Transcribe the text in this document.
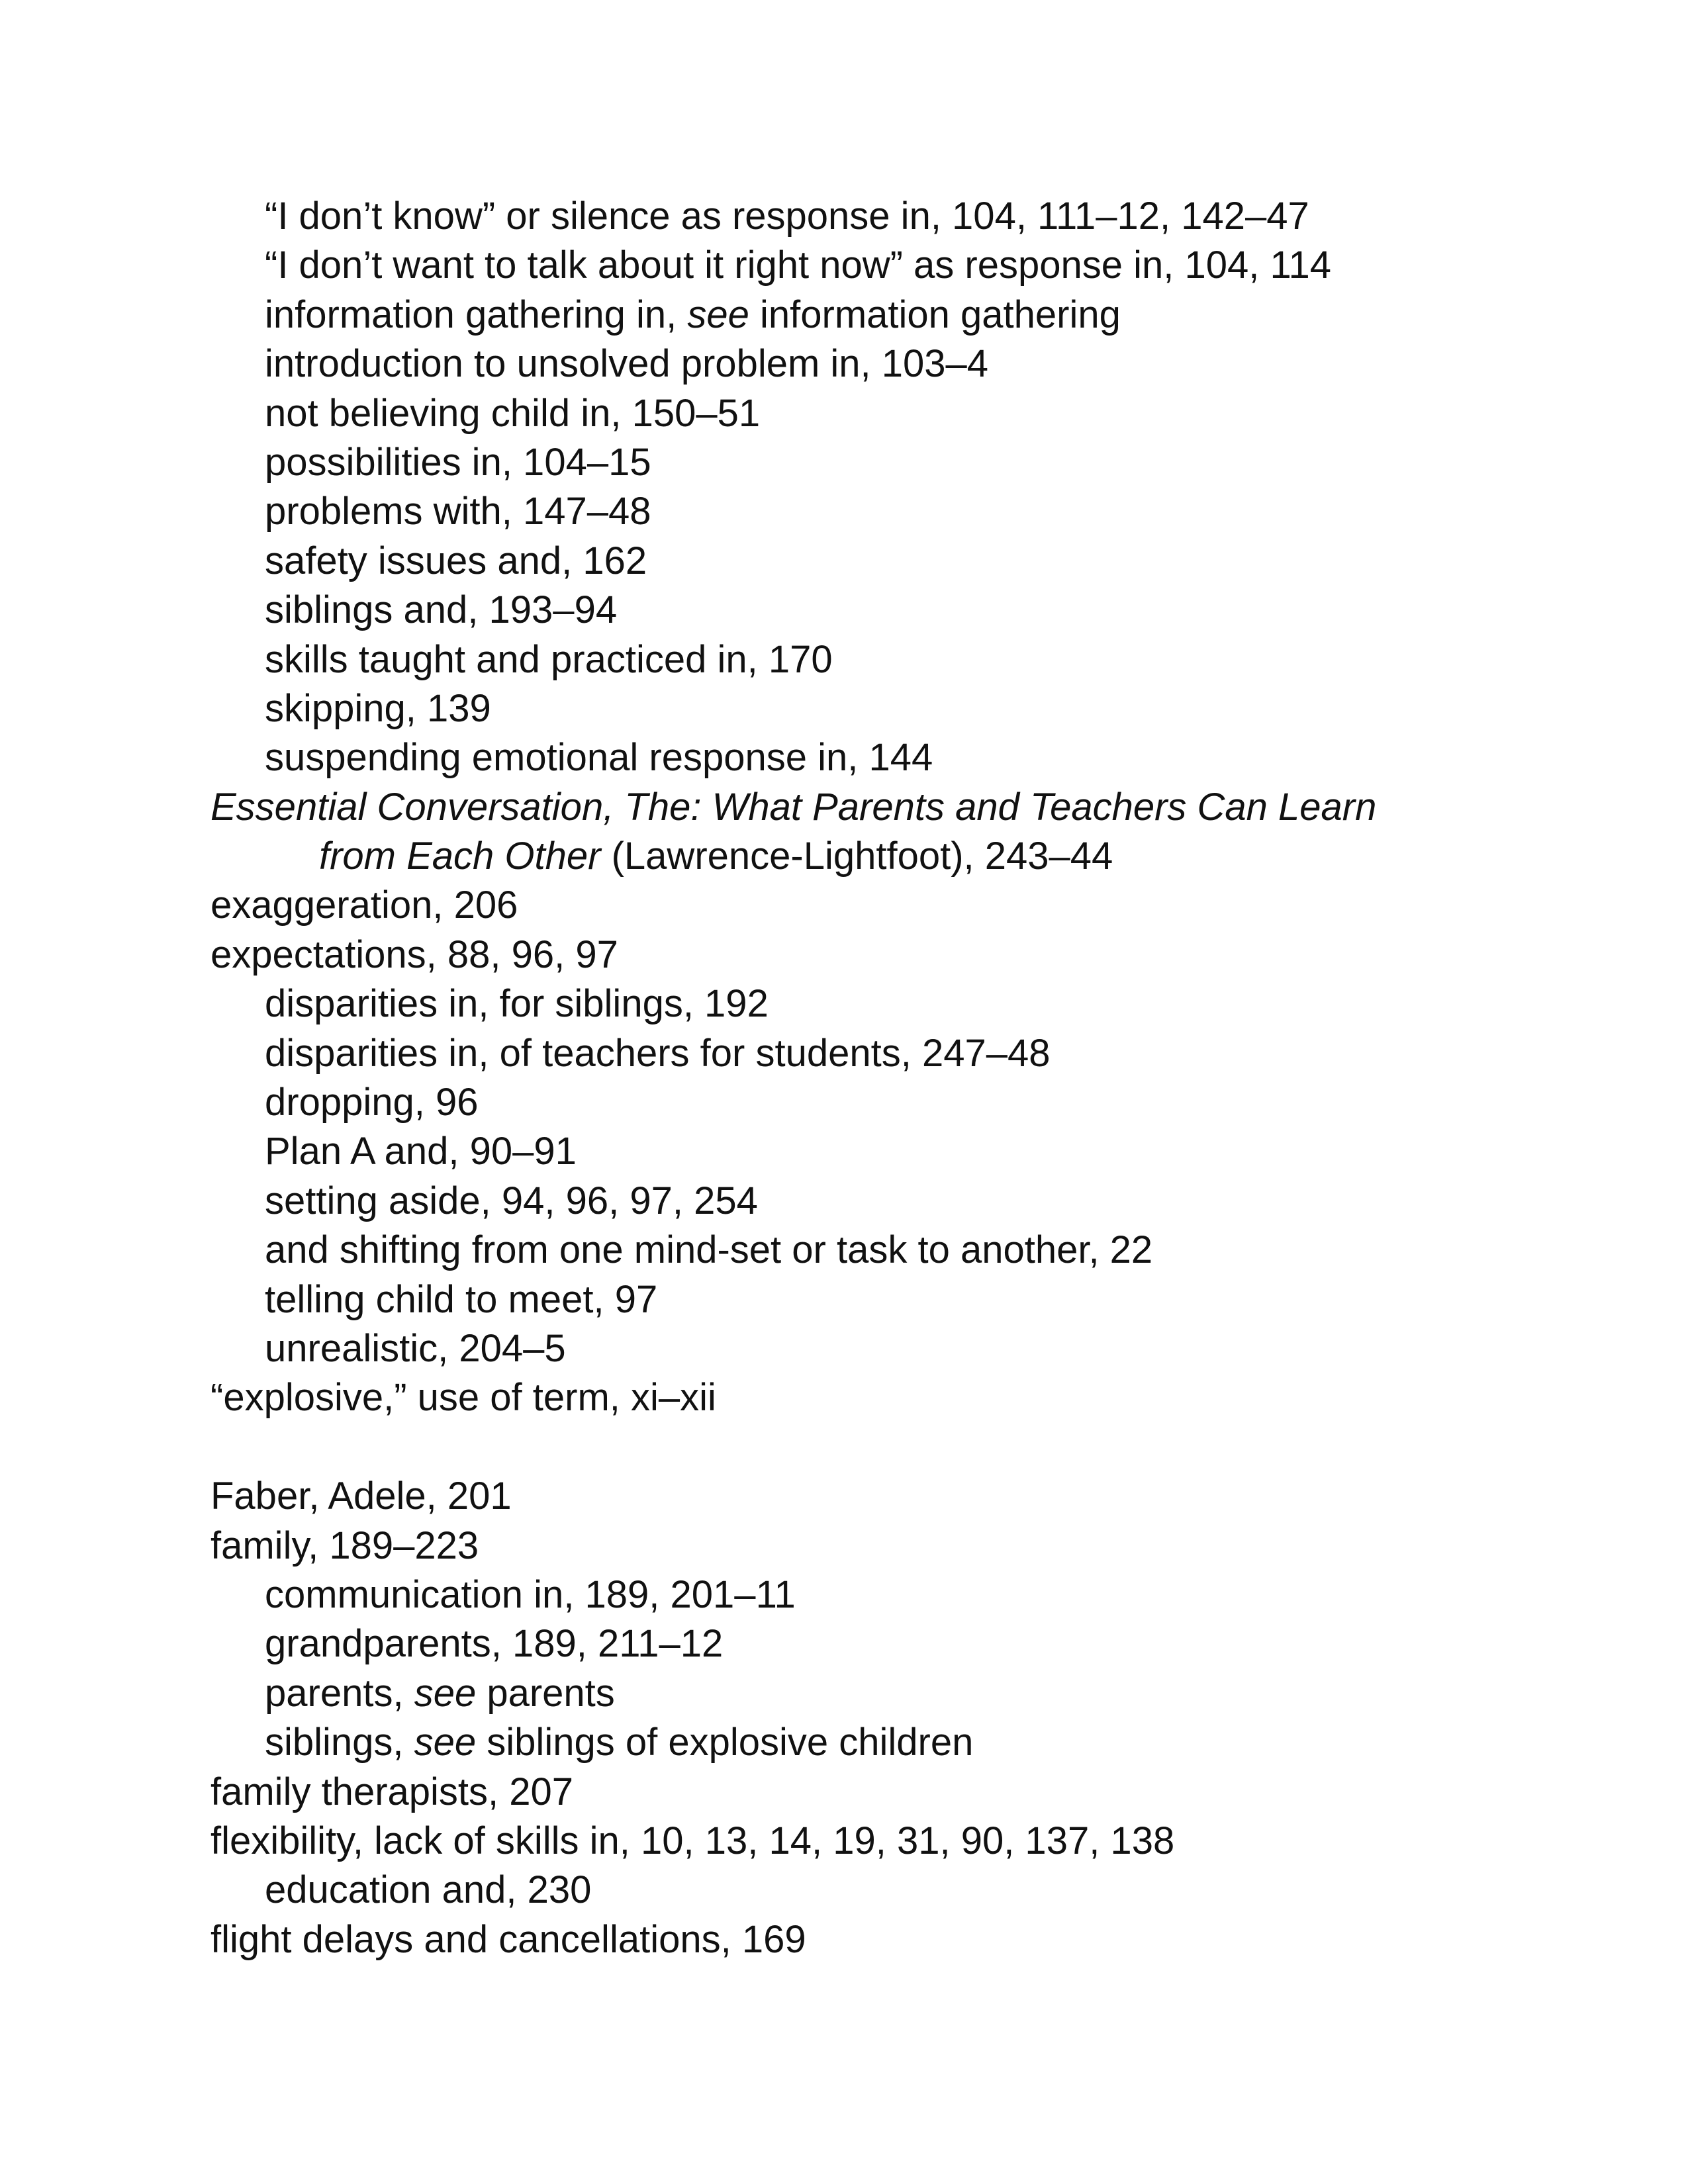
“I don’t know” or silence as response in, 104, 111–12, 142–47
“I don’t want to talk about it right now” as response in, 104, 114
information gathering in, see information gathering
introduction to unsolved problem in, 103–4
not believing child in, 150–51
possibilities in, 104–15
problems with, 147–48
safety issues and, 162
siblings and, 193–94
skills taught and practiced in, 170
skipping, 139
suspending emotional response in, 144
Essential Conversation, The: What Parents and Teachers Can Learn
from Each Other (Lawrence-Lightfoot), 243–44
exaggeration, 206
expectations, 88, 96, 97
disparities in, for siblings, 192
disparities in, of teachers for students, 247–48
dropping, 96
Plan A and, 90–91
setting aside, 94, 96, 97, 254
and shifting from one mind-set or task to another, 22
telling child to meet, 97
unrealistic, 204–5
“explosive,” use of term, xi–xii
Faber, Adele, 201
family, 189–223
communication in, 189, 201–11
grandparents, 189, 211–12
parents, see parents
siblings, see siblings of explosive children
family therapists, 207
flexibility, lack of skills in, 10, 13, 14, 19, 31, 90, 137, 138
education and, 230
flight delays and cancellations, 169
